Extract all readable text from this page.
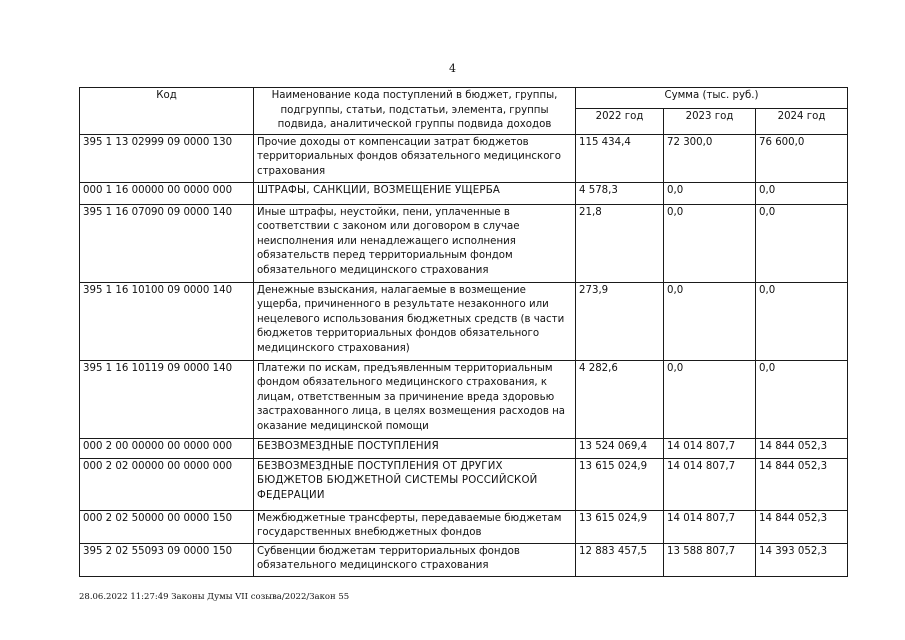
4
Код	Наименование кода поступлений в бюджет, группы, подгруппы, статьи, подстатьи, элемента, группы подвида, аналитической группы подвида доходов	Сумма (тыс. руб.)		
		2022 год	2023 год	2024 год
395 1 13 02999 09 0000 130	Прочие доходы от компенсации затрат бюджетов территориальных фондов обязательного медицинского страхования	115 434,4	72 300,0	76 600,0
000 1 16 00000 00 0000 000	ШТРАФЫ, САНКЦИИ, ВОЗМЕЩЕНИЕ УЩЕРБА	4 578,3	0,0	0,0
395 1 16 07090 09 0000 140	Иные штрафы, неустойки, пени, уплаченные в соответствии с законом или договором в случае неисполнения или ненадлежащего исполнения обязательств перед территориальным фондом обязательного медицинского страхования	21,8	0,0	0,0
395 1 16 10100 09 0000 140	Денежные взыскания, налагаемые в возмещение ущерба, причиненного в результате незаконного или нецелевого использования бюджетных средств (в части бюджетов территориальных фондов обязательного медицинского страхования)	273,9	0,0	0,0
395 1 16 10119 09 0000 140	Платежи по искам, предъявленным территориальным фондом обязательного медицинского страхования, к лицам, ответственным за причинение вреда здоровью застрахованного лица, в целях возмещения расходов на оказание медицинской помощи	4 282,6	0,0	0,0
000 2 00 00000 00 0000 000	БЕЗВОЗМЕЗДНЫЕ ПОСТУПЛЕНИЯ	13 524 069,4	14 014 807,7	14 844 052,3
000 2 02 00000 00 0000 000	БЕЗВОЗМЕЗДНЫЕ ПОСТУПЛЕНИЯ ОТ ДРУГИХ БЮДЖЕТОВ БЮДЖЕТНОЙ СИСТЕМЫ РОССИЙСКОЙ ФЕДЕРАЦИИ	13 615 024,9	14 014 807,7	14 844 052,3
000 2 02 50000 00 0000 150	Межбюджетные трансферты, передаваемые бюджетам государственных внебюджетных фондов	13 615 024,9	14 014 807,7	14 844 052,3
395 2 02 55093 09 0000 150	Субвенции бюджетам территориальных фондов обязательного медицинского страхования	12 883 457,5	13 588 807,7	14 393 052,3
28.06.2022 11:27:49 Законы Думы VII созыва/2022/Закон 55
